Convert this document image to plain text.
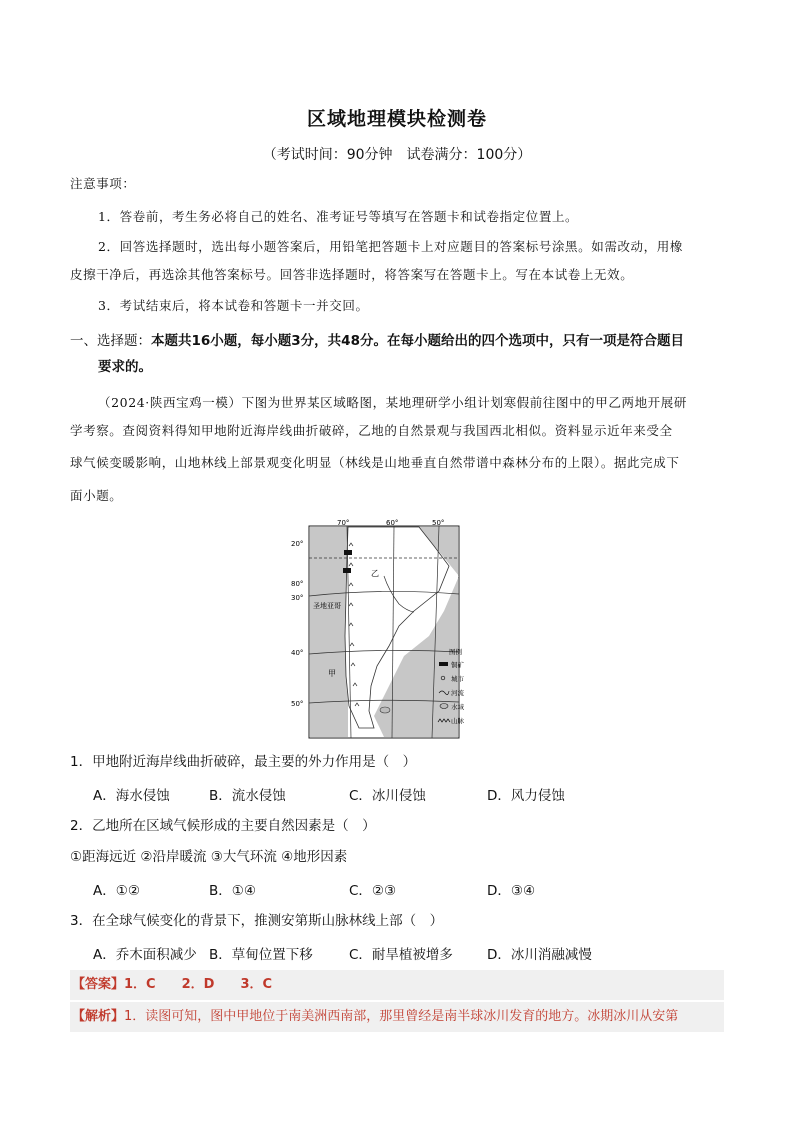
区域地理模块检测卷
（考试时间：90分钟　试卷满分：100分）
注意事项：
1．答卷前，考生务必将自己的姓名、准考证号等填写在答题卡和试卷指定位置上。
2．回答选择题时，选出每小题答案后，用铅笔把答题卡上对应题目的答案标号涂黑。如需改动，用橡
皮擦干净后，再选涂其他答案标号。回答非选择题时，将答案写在答题卡上。写在本试卷上无效。
3．考试结束后，将本试卷和答题卡一并交回。
一、选择题：本题共16小题，每小题3分，共48分。在每小题给出的四个选项中，只有一项是符合题目
要求的。
（2024·陕西宝鸡一模）下图为世界某区域略图，某地理研学小组计划寒假前往图中的甲乙两地开展研
学考察。查阅资料得知甲地附近海岸线曲折破碎，乙地的自然景观与我国西北相似。资料显示近年来受全
球气候变暖影响，山地林线上部景观变化明显（林线是山地垂直自然带谱中森林分布的上限）。据此完成下
面小题。
70°	60°	50°
20°
80°
30°
40°
50°
圣地亚哥
甲
乙
图例
铜矿
城市
河流
水域
山脉
1．甲地附近海岸线曲折破碎，最主要的外力作用是（　）
A．海水侵蚀	B．流水侵蚀	C．冰川侵蚀	D．风力侵蚀
2．乙地所在区域气候形成的主要自然因素是（　）
①距海远近 ②沿岸暖流 ③大气环流 ④地形因素
A．①②	B．①④	C．②③	D．③④
3．在全球气候变化的背景下，推测安第斯山脉林线上部（　）
A．乔木面积减少 B．草甸位置下移	C．耐旱植被增多	D．冰川消融减慢
【答案】1．C　　2．D　　3．C
【解析】1．读图可知，图中甲地位于南美洲西南部，那里曾经是南半球冰川发育的地方。冰期冰川从安第
